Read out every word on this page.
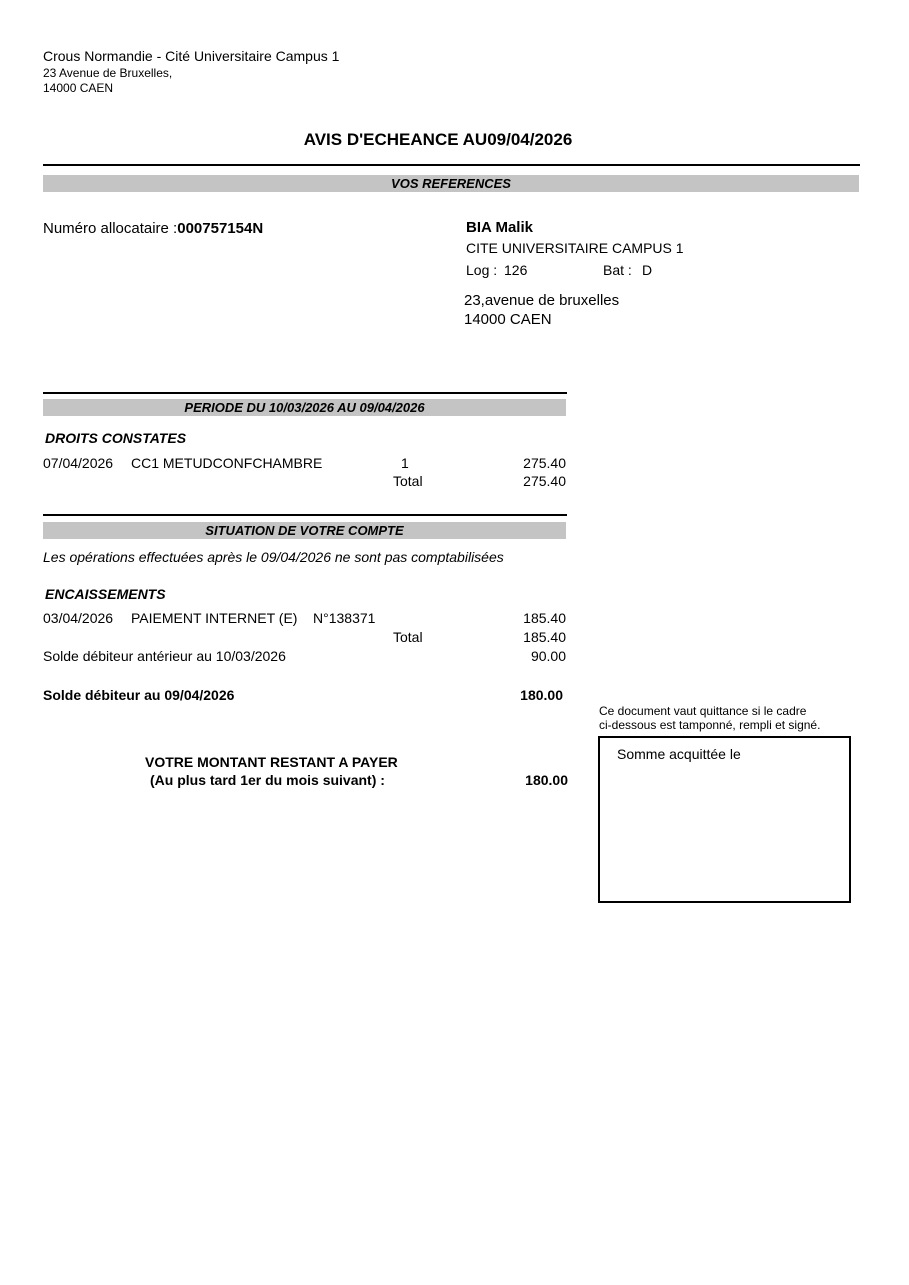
Crous Normandie - Cité Universitaire Campus 1
23 Avenue de Bruxelles,
14000 CAEN
AVIS D'ECHEANCE AU09/04/2026
VOS REFERENCES
Numéro allocataire :000757154N	BIA Malik
CITE UNIVERSITAIRE CAMPUS 1
Log : 126	Bat : D
23,avenue de bruxelles
14000 CAEN
PERIODE DU 10/03/2026 AU 09/04/2026
DROITS CONSTATES
07/04/2026 CC1 METUDCONFCHAMBRE	1	275.40
Total	275.40
SITUATION DE VOTRE COMPTE
Les opérations effectuées après le 09/04/2026 ne sont pas comptabilisées
ENCAISSEMENTS
03/04/2026 PAIEMENT INTERNET (E) N°138371	185.40
Total	185.40
Solde débiteur antérieur au 10/03/2026	90.00
Solde débiteur au 09/04/2026	180.00
VOTRE MONTANT RESTANT A PAYER
(Au plus tard 1er du mois suivant) :	180.00
Ce document vaut quittance si le cadre
ci-dessous est tamponné, rempli et signé.
Somme acquittée le
